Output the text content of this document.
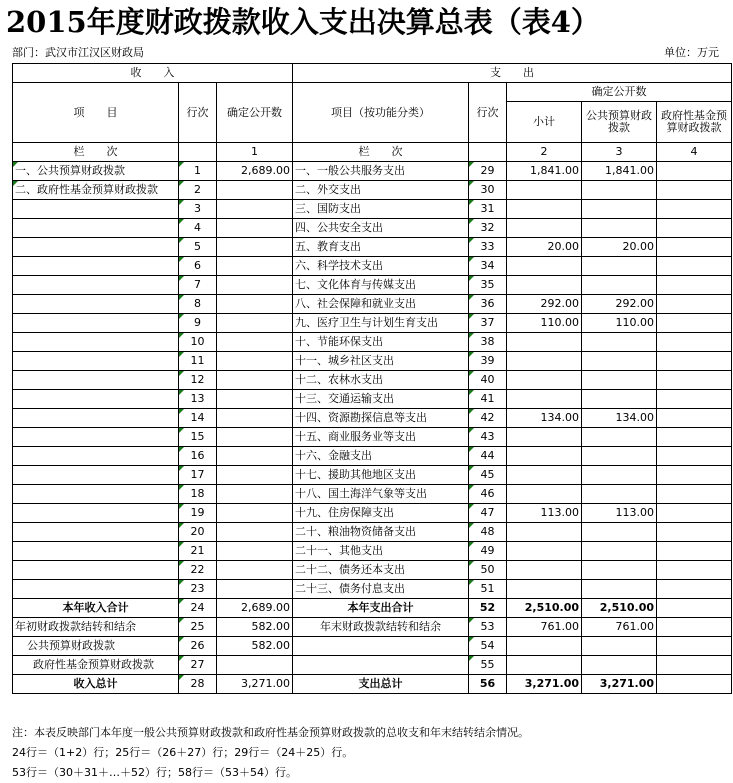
2015年度财政拨款收入支出决算总表（表4）
部门：武汉市江汉区财政局	单位：万元
收　　入			支　　出				
项　　目	行次	确定公开数	项目（按功能分类）	行次	确定公开数		
					小计	公共预算财政拨款	政府性基金预算财政拨款
栏　　次		1	栏　　次		2	3	4
一、公共预算财政拨款	1	2,689.00	一、一般公共服务支出	29	1,841.00	1,841.00	
二、政府性基金预算财政拨款	2		二、外交支出	30			
	3		三、国防支出	31			
	4		四、公共安全支出	32			
	5		五、教育支出	33	20.00	20.00	
	6		六、科学技术支出	34			
	7		七、文化体育与传媒支出	35			
	8		八、社会保障和就业支出	36	292.00	292.00	
	9		九、医疗卫生与计划生育支出	37	110.00	110.00	
	10		十、节能环保支出	38			
	11		十一、城乡社区支出	39			
	12		十二、农林水支出	40			
	13		十三、交通运输支出	41			
	14		十四、资源勘探信息等支出	42	134.00	134.00	
	15		十五、商业服务业等支出	43			
	16		十六、金融支出	44			
	17		十七、援助其他地区支出	45			
	18		十八、国土海洋气象等支出	46			
	19		十九、住房保障支出	47	113.00	113.00	
	20		二十、粮油物资储备支出	48			
	21		二十一、其他支出	49			
	22		二十二、债务还本支出	50			
	23		二十三、债务付息支出	51			
本年收入合计	24	2,689.00	本年支出合计	52	2,510.00	2,510.00	
年初财政拨款结转和结余	25	582.00	年末财政拨款结转和结余	53	761.00	761.00	
公共预算财政拨款	26	582.00		54			
政府性基金预算财政拨款	27			55			
收入总计	28	3,271.00	支出总计	56	3,271.00	3,271.00	
注：本表反映部门本年度一般公共预算财政拨款和政府性基金预算财政拨款的总收支和年末结转结余情况。
24行＝（1+2）行；25行＝（26＋27）行；29行＝（24＋25）行。
53行＝（30＋31＋…＋52）行；58行＝（53＋54）行。
